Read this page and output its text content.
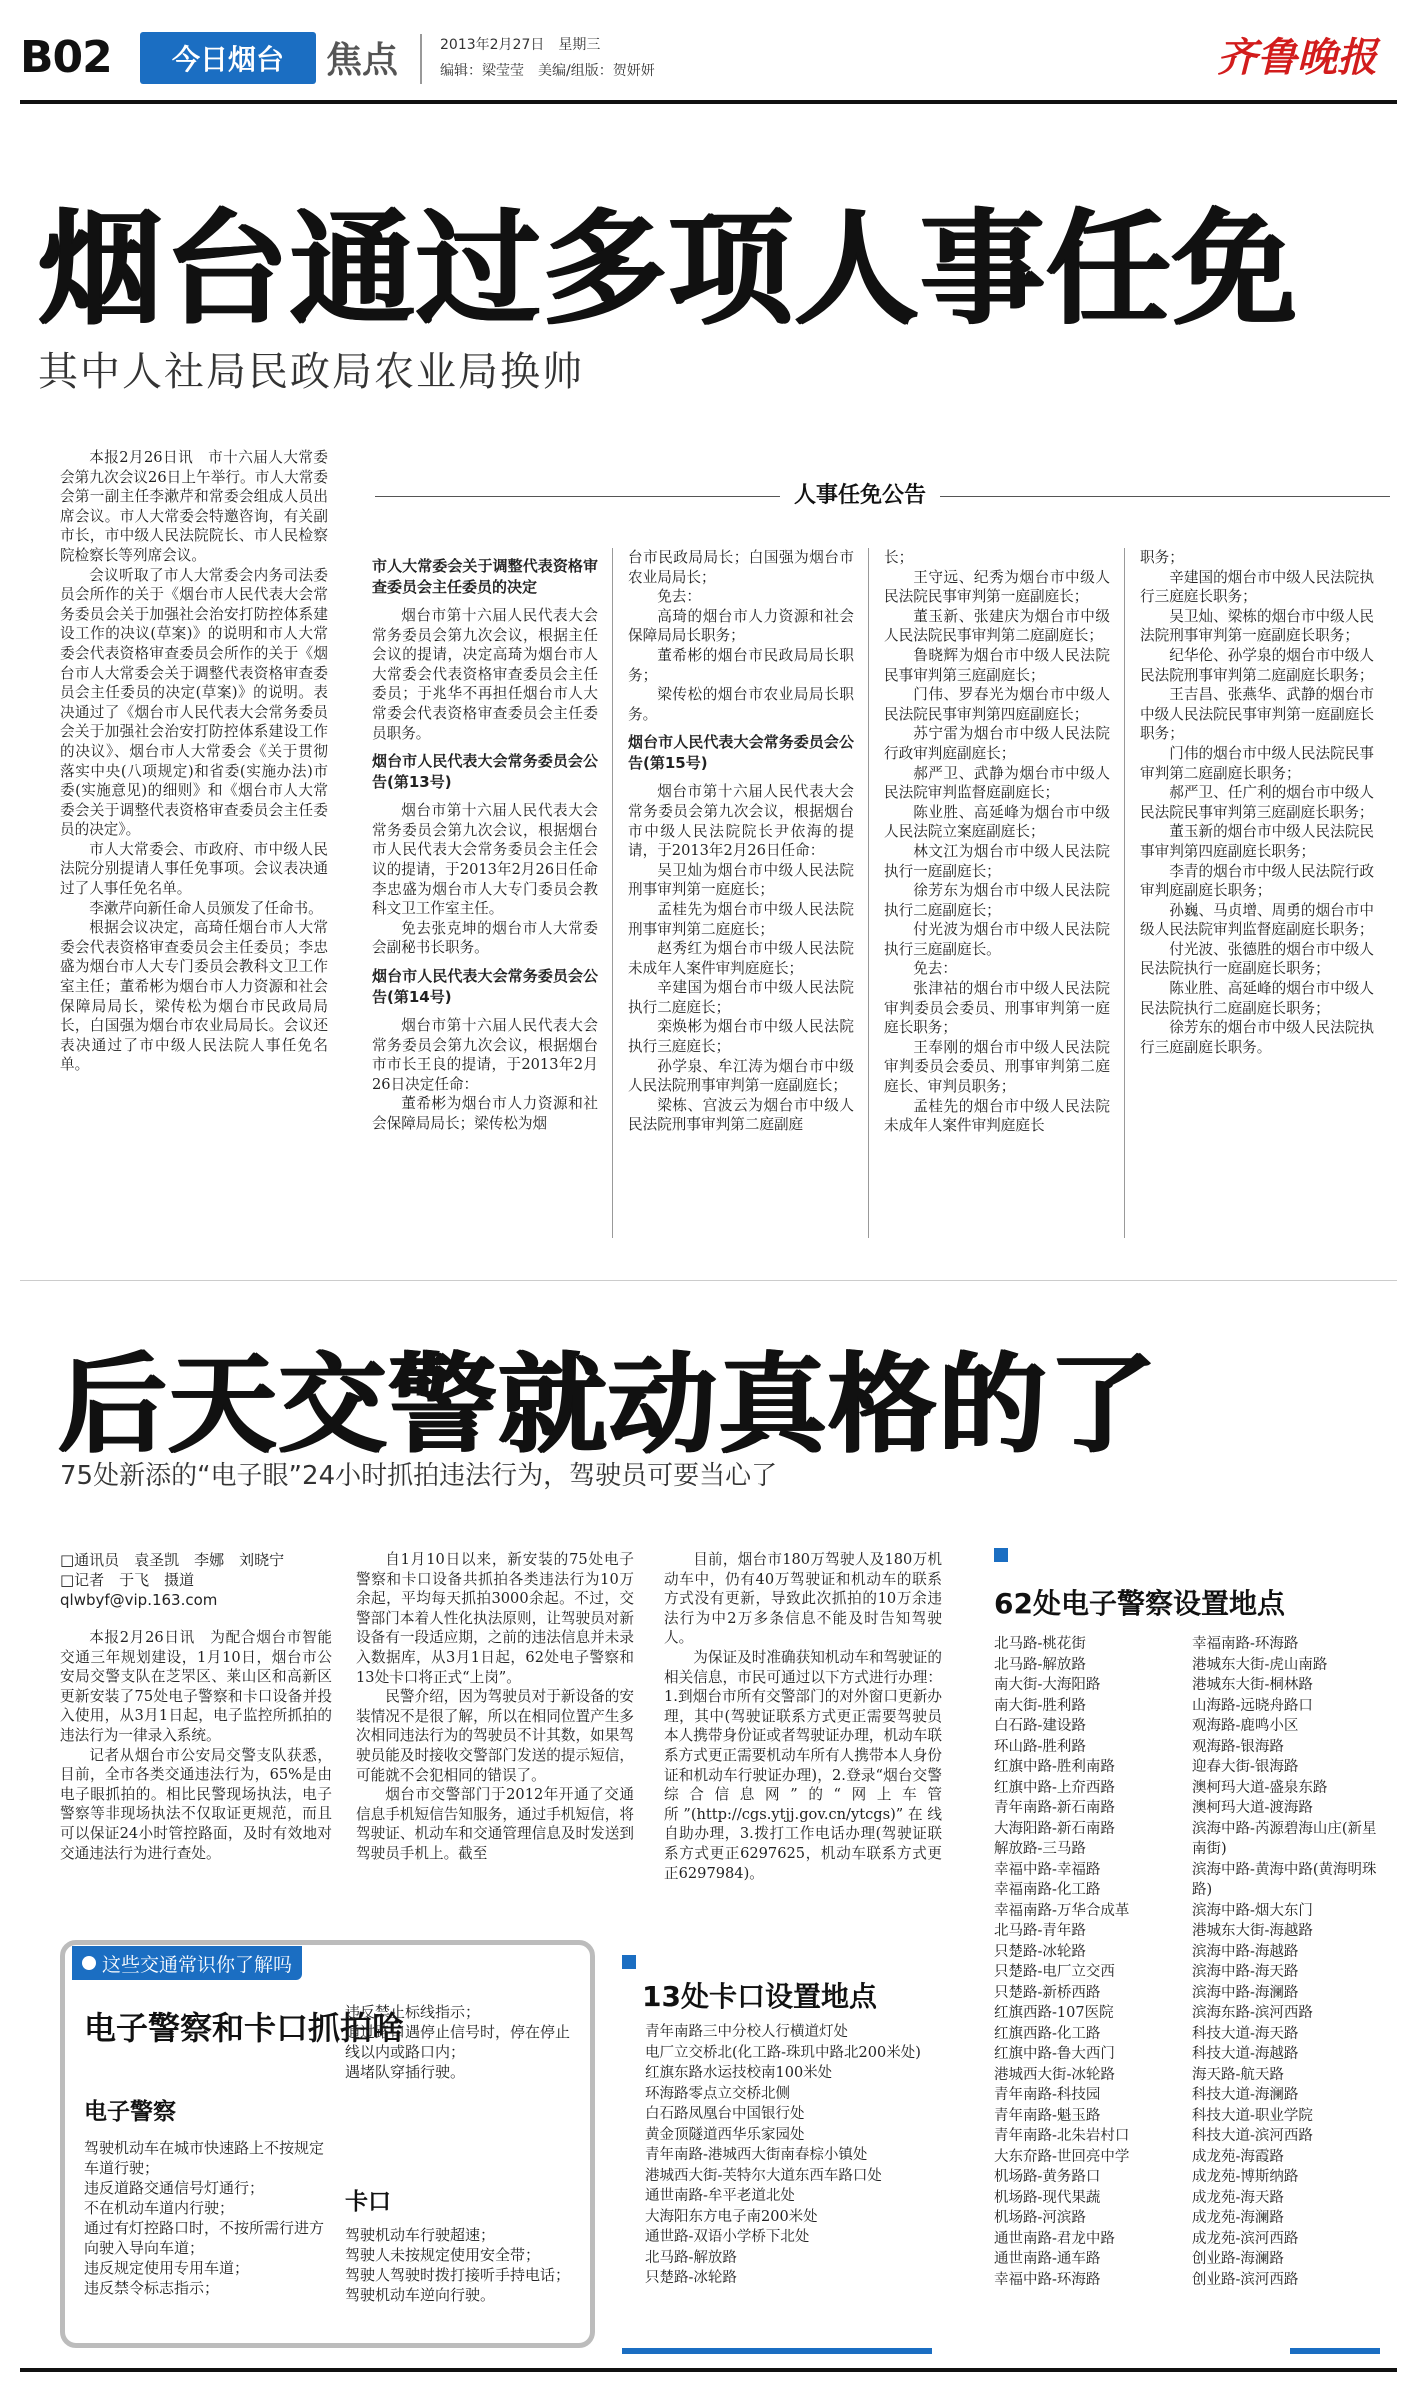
B02	今日烟台	焦点	2013年2月27日　星期三
编辑：梁莹莹　美编/组版：贺妍妍	齐鲁晚报
烟台通过多项人事任免
其中人社局民政局农业局换帅

本报2月26日讯　市十六届人大常委会第九次会议26日上午举行。市人大常委会第一副主任李漱芹和常委会组成人员出席会议。市人大常委会特邀咨询，有关副市长，市中级人民法院院长、市人民检察院检察长等列席会议。

会议听取了市人大常委会内务司法委员会所作的关于《烟台市人民代表大会常务委员会关于加强社会治安打防控体系建设工作的决议(草案)》的说明和市人大常委会代表资格审查委员会所作的关于《烟台市人大常委会关于调整代表资格审查委员会主任委员的决定(草案)》的说明。表决通过了《烟台市人民代表大会常务委员会关于加强社会治安打防控体系建设工作的决议》、烟台市人大常委会《关于贯彻落实中央(八项规定)和省委(实施办法)市委(实施意见)的细则》和《烟台市人大常委会关于调整代表资格审查委员会主任委员的决定》。

市人大常委会、市政府、市中级人民法院分别提请人事任免事项。会议表决通过了人事任免名单。

李漱芹向新任命人员颁发了任命书。

根据会议决定，高琦任烟台市人大常委会代表资格审查委员会主任委员；李忠盛为烟台市人大专门委员会教科文卫工作室主任；董希彬为烟台市人力资源和社会保障局局长，梁传松为烟台市民政局局长，白国强为烟台市农业局局长。会议还表决通过了市中级人民法院人事任免名单。

人事任免公告

市人大常委会关于调整代表资格审查委员会主任委员的决定

烟台市第十六届人民代表大会常务委员会第九次会议，根据主任会议的提请，决定高琦为烟台市人大常委会代表资格审查委员会主任委员；于兆华不再担任烟台市人大常委会代表资格审查委员会主任委员职务。

烟台市人民代表大会常务委员会公告(第13号)

烟台市第十六届人民代表大会常务委员会第九次会议，根据烟台市人民代表大会常务委员会主任会议的提请，于2013年2月26日任命李忠盛为烟台市人大专门委员会教科文卫工作室主任。

免去张克坤的烟台市人大常委会副秘书长职务。

烟台市人民代表大会常务委员会公告(第14号)

烟台市第十六届人民代表大会常务委员会第九次会议，根据烟台市市长王良的提请，于2013年2月26日决定任命：

董希彬为烟台市人力资源和社会保障局局长；梁传松为烟

台市民政局局长；白国强为烟台市农业局局长；

免去：

高琦的烟台市人力资源和社会保障局局长职务；

董希彬的烟台市民政局局长职务；

梁传松的烟台市农业局局长职务。

烟台市人民代表大会常务委员会公告(第15号)

烟台市第十六届人民代表大会常务委员会第九次会议，根据烟台市中级人民法院院长尹依海的提请，于2013年2月26日任命：

吴卫灿为烟台市中级人民法院刑事审判第一庭庭长；

孟桂先为烟台市中级人民法院刑事审判第二庭庭长；

赵秀红为烟台市中级人民法院未成年人案件审判庭庭长；

辛建国为烟台市中级人民法院执行二庭庭长；

栾焕彬为烟台市中级人民法院执行三庭庭长；

孙学泉、牟江涛为烟台市中级人民法院刑事审判第一庭副庭长；

梁栋、宫波云为烟台市中级人民法院刑事审判第二庭副庭

长；

王守远、纪秀为烟台市中级人民法院民事审判第一庭副庭长；

董玉新、张建庆为烟台市中级人民法院民事审判第二庭副庭长；

鲁晓辉为烟台市中级人民法院民事审判第三庭副庭长；

门伟、罗春光为烟台市中级人民法院民事审判第四庭副庭长；

苏宁雷为烟台市中级人民法院行政审判庭副庭长；

郝严卫、武静为烟台市中级人民法院审判监督庭副庭长；

陈业胜、高延峰为烟台市中级人民法院立案庭副庭长；

林文江为烟台市中级人民法院执行一庭副庭长；

徐芳东为烟台市中级人民法院执行二庭副庭长；

付光波为烟台市中级人民法院执行三庭副庭长。

免去：

张津祜的烟台市中级人民法院审判委员会委员、刑事审判第一庭庭长职务；

王奉刚的烟台市中级人民法院审判委员会委员、刑事审判第二庭庭长、审判员职务；

孟桂先的烟台市中级人民法院未成年人案件审判庭庭长

职务；

辛建国的烟台市中级人民法院执行三庭庭长职务；

吴卫灿、梁栋的烟台市中级人民法院刑事审判第一庭副庭长职务；

纪华伦、孙学泉的烟台市中级人民法院刑事审判第二庭副庭长职务；

王吉昌、张燕华、武静的烟台市中级人民法院民事审判第一庭副庭长职务；

门伟的烟台市中级人民法院民事审判第二庭副庭长职务；

郝严卫、任广利的烟台市中级人民法院民事审判第三庭副庭长职务；

董玉新的烟台市中级人民法院民事审判第四庭副庭长职务；

李青的烟台市中级人民法院行政审判庭副庭长职务；

孙巍、马贞增、周勇的烟台市中级人民法院审判监督庭副庭长职务；

付光波、张德胜的烟台市中级人民法院执行一庭副庭长职务；

陈业胜、高延峰的烟台市中级人民法院执行二庭副庭长职务；

徐芳东的烟台市中级人民法院执行三庭副庭长职务。

后天交警就动真格的了
75处新添的“电子眼”24小时抓拍违法行为，驾驶员可要当心了
□通讯员　袁圣凯　李娜　刘晓宁
□记者　于飞　摄道
qlwbyf@vip.163.com

本报2月26日讯　为配合烟台市智能交通三年规划建设，1月10日，烟台市公安局交警支队在芝罘区、莱山区和高新区更新安装了75处电子警察和卡口设备并投入使用，从3月1日起，电子监控所抓拍的违法行为一律录入系统。

记者从烟台市公安局交警支队获悉，目前，全市各类交通违法行为，65%是由电子眼抓拍的。相比民警现场执法，电子警察等非现场执法不仅取证更规范，而且可以保证24小时管控路面，及时有效地对交通违法行为进行查处。

自1月10日以来，新安装的75处电子警察和卡口设备共抓拍各类违法行为10万余起，平均每天抓拍3000余起。不过，交警部门本着人性化执法原则，让驾驶员对新设备有一段适应期，之前的违法信息并未录入数据库，从3月1日起，62处电子警察和13处卡口将正式“上岗”。

民警介绍，因为驾驶员对于新设备的安装情况不是很了解，所以在相同位置产生多次相同违法行为的驾驶员不计其数，如果驾驶员能及时接收交警部门发送的提示短信，可能就不会犯相同的错误了。

烟台市交警部门于2012年开通了交通信息手机短信告知服务，通过手机短信，将驾驶证、机动车和交通管理信息及时发送到驾驶员手机上。截至

目前，烟台市180万驾驶人及180万机动车中，仍有40万驾驶证和机动车的联系方式没有更新，导致此次抓拍的10万余违法行为中2万多条信息不能及时告知驾驶人。

为保证及时准确获知机动车和驾驶证的相关信息，市民可通过以下方式进行办理：1.到烟台市所有交警部门的对外窗口更新办理，其中(驾驶证联系方式更正需要驾驶员本人携带身份证或者驾驶证办理，机动车联系方式更正需要机动车所有人携带本人身份证和机动车行驶证办理)，2.登录“烟台交警综合信息网”的“网上车管所”(http://cgs.ytjj.gov.cn/ytcgs)”在线自助办理，3.拨打工作电话办理(驾驶证联系方式更正6297625，机动车联系方式更正6297984)。

这些交通常识你了解吗
电子警察和卡口抓拍啥
电子警察
驾驶机动车在城市快速路上不按规定车道行驶；
违反道路交通信号灯通行；
不在机动车道内行驶；
通过有灯控路口时，不按所需行进方向驶入导向车道；
违反规定使用专用车道；
违反禁令标志指示；
违反禁止标线指示；
通过路口遇停止信号时，停在停止线以内或路口内；
遇堵队穿插行驶。
卡口
驾驶机动车行驶超速；
驾驶人未按规定使用安全带；
驾驶人驾驶时拨打接听手持电话；
驾驶机动车逆向行驶。
13处卡口设置地点
青年南路三中分校人行横道灯处
电厂立交桥北(化工路-珠玑中路北200米处)
红旗东路水运技校南100米处
环海路零点立交桥北侧
白石路凤凰台中国银行处
黄金顶隧道西华乐家园处
青年南路-港城西大街南春棕小镇处
港城西大街-芙特尔大道东西车路口处
通世南路-牟平老道北处
大海阳东方电子南200米处
通世路-双语小学桥下北处
北马路-解放路
只楚路-冰轮路
62处电子警察设置地点
北马路-桃花街
北马路-解放路
南大街-大海阳路
南大街-胜利路
白石路-建设路
环山路-胜利路
红旗中路-胜利南路
红旗中路-上夼西路
青年南路-新石南路
大海阳路-新石南路
解放路-三马路
幸福中路-幸福路
幸福南路-化工路
幸福南路-万华合成革
北马路-青年路
只楚路-冰轮路
只楚路-电厂立交西
只楚路-新桥西路
红旗西路-107医院
红旗西路-化工路
红旗中路-鲁大西门
港城西大街-冰轮路
青年南路-科技园
青年南路-魁玉路
青年南路-北朱岩村口
大东夼路-世回亮中学
机场路-黄务路口
机场路-现代果蔬
机场路-河滨路
通世南路-君龙中路
通世南路-通车路
幸福中路-环海路
幸福南路-环海路
港城东大街-虎山南路
港城东大街-桐林路
山海路-远晓舟路口
观海路-鹿鸣小区
观海路-银海路
迎春大街-银海路
澳柯玛大道-盛泉东路
澳柯玛大道-渡海路
滨海中路-芮源碧海山庄(新星南街)
滨海中路-黄海中路(黄海明珠路)
滨海中路-烟大东门
港城东大街-海越路
滨海中路-海越路
滨海中路-海天路
滨海中路-海澜路
滨海东路-滨河西路
科技大道-海天路
科技大道-海越路
海天路-航天路
科技大道-海澜路
科技大道-职业学院
科技大道-滨河西路
成龙苑-海霞路
成龙苑-博斯纳路
成龙苑-海天路
成龙苑-海澜路
成龙苑-滨河西路
创业路-海澜路
创业路-滨河西路
